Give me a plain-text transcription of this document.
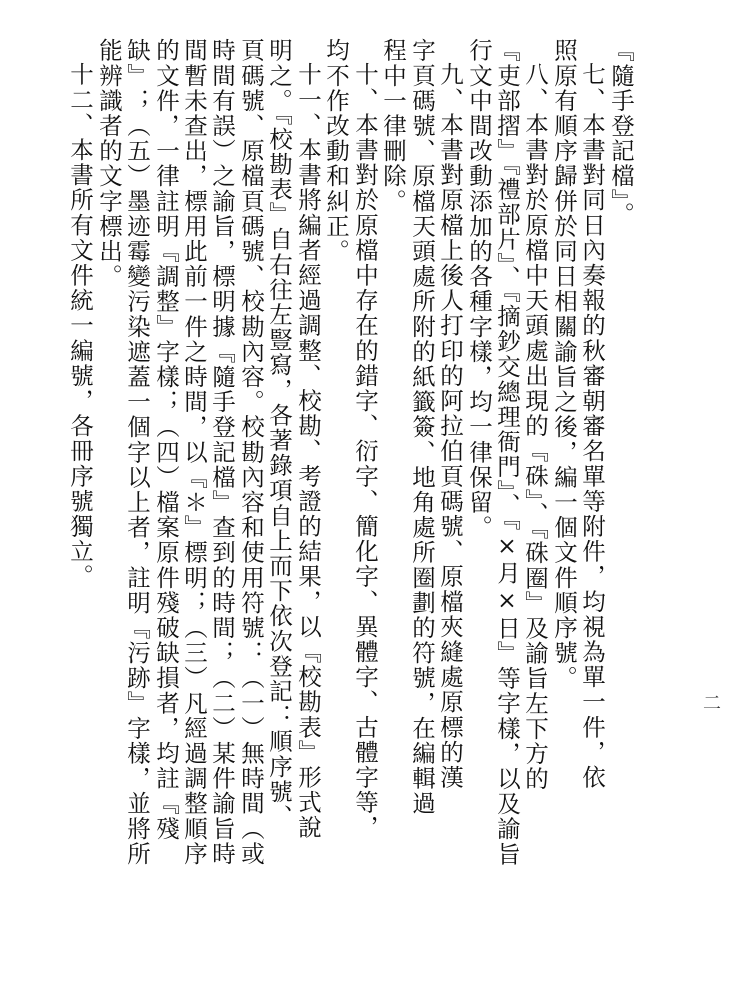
『隨手登記檔』。
七、本書對同日內奏報的秋審朝審名單等附件，均視為單一件，依
照原有順序歸併於同日相關諭旨之後，編一個文件順序號。
八、本書對於原檔中天頭處出現的『硃』、『硃圈』及諭旨左下方的
『吏部摺』『禮部片』、『摘鈔交總理衙門』、『×月×日』等字樣，以及諭旨
行文中間改動添加的各種字樣，均一律保留。
九、本書對原檔上後人打印的阿拉伯頁碼號、原檔夾縫處原標的漢
字頁碼號、原檔天頭處所附的紙籤簽、地角處所圈劃的符號，在編輯過
程中一律刪除。
十、本書對於原檔中存在的錯字、衍字、簡化字、異體字、古體字等，
均不作改動和糾正。
十一、本書將編者經過調整、校勘、考證的結果，以『校勘表』形式說
明之。『校勘表』自右往左豎寫，各著錄項自上而下依次登記：順序號、
頁碼號、原檔頁碼號、校勘內容。校勘內容和使用符號：（一）無時間（或
時間有誤）之諭旨，標明據『隨手登記檔』查到的時間；（二）某件諭旨時
間暫未查出，標用此前一件之時間，以『＊』標明；（三）凡經過調整順序
的文件，一律註明『調整』字樣；（四）檔案原件殘破缺損者，均註『殘
缺』；（五）墨迹霉變污染遮蓋一個字以上者，註明『污跡』字樣，並將所
能辨識者的文字標出。
十二、本書所有文件統一編號，各冊序號獨立。
二
